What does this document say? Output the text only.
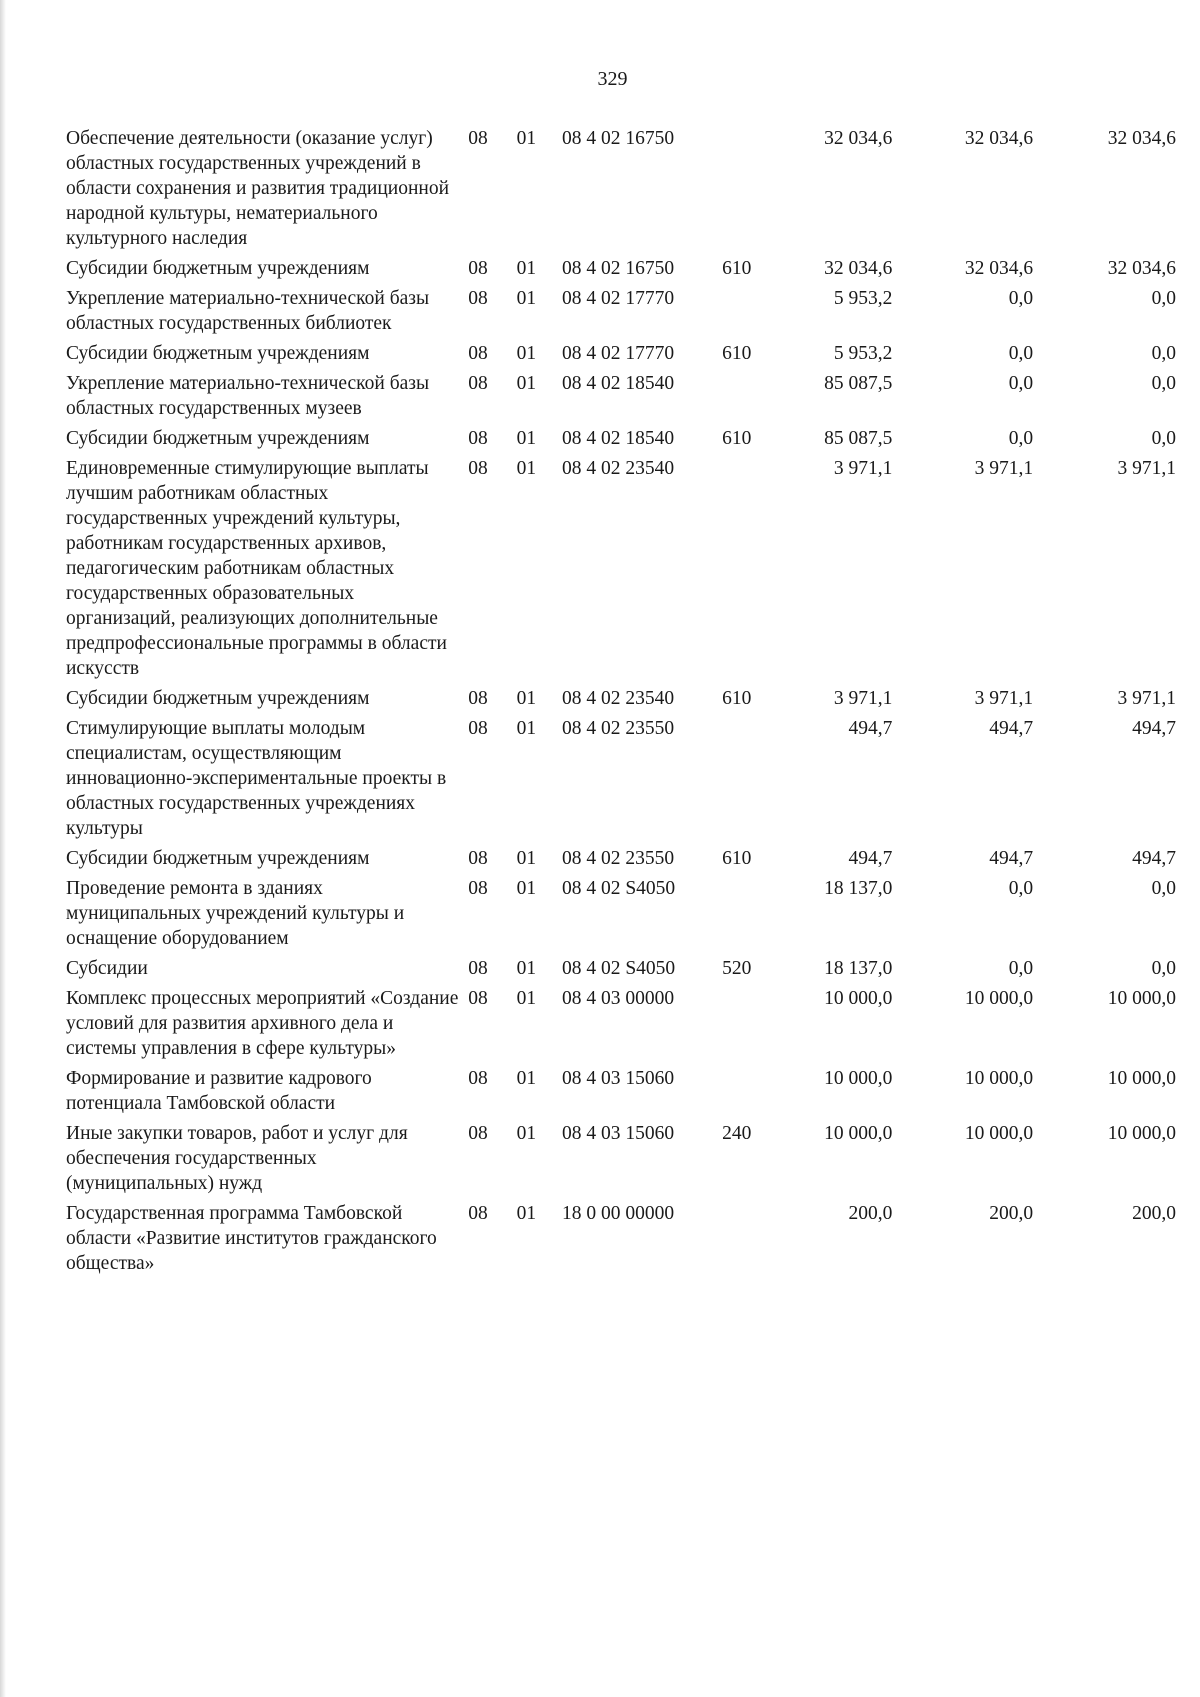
329
Обеспечение деятельности (оказание услуг) областных государственных учреждений в области сохранения и развития традиционной народной культуры, нематериального культурного наследия	08	01	08 4 02 16750		32 034,6	32 034,6	32 034,6
Субсидии бюджетным учреждениям	08	01	08 4 02 16750	610	32 034,6	32 034,6	32 034,6
Укрепление материально-технической базы областных государственных библиотек	08	01	08 4 02 17770		5 953,2	0,0	0,0
Субсидии бюджетным учреждениям	08	01	08 4 02 17770	610	5 953,2	0,0	0,0
Укрепление материально-технической базы областных государственных музеев	08	01	08 4 02 18540		85 087,5	0,0	0,0
Субсидии бюджетным учреждениям	08	01	08 4 02 18540	610	85 087,5	0,0	0,0
Единовременные стимулирующие выплаты лучшим работникам областных государственных учреждений культуры, работникам государственных архивов, педагогическим работникам областных государственных образовательных организаций, реализующих дополнительные предпрофессиональные программы в области искусств	08	01	08 4 02 23540		3 971,1	3 971,1	3 971,1
Субсидии бюджетным учреждениям	08	01	08 4 02 23540	610	3 971,1	3 971,1	3 971,1
Стимулирующие выплаты молодым специалистам, осуществляющим инновационно-экспериментальные проекты в областных государственных учреждениях культуры	08	01	08 4 02 23550		494,7	494,7	494,7
Субсидии бюджетным учреждениям	08	01	08 4 02 23550	610	494,7	494,7	494,7
Проведение ремонта в зданиях муниципальных учреждений культуры и оснащение оборудованием	08	01	08 4 02 S4050		18 137,0	0,0	0,0
Субсидии	08	01	08 4 02 S4050	520	18 137,0	0,0	0,0
Комплекс процессных мероприятий «Создание условий для развития архивного дела и системы управления в сфере культуры»	08	01	08 4 03 00000		10 000,0	10 000,0	10 000,0
Формирование и развитие кадрового потенциала Тамбовской области	08	01	08 4 03 15060		10 000,0	10 000,0	10 000,0
Иные закупки товаров, работ и услуг для обеспечения государственных (муниципальных) нужд	08	01	08 4 03 15060	240	10 000,0	10 000,0	10 000,0
Государственная программа Тамбовской области «Развитие институтов гражданского общества»	08	01	18 0 00 00000		200,0	200,0	200,0
